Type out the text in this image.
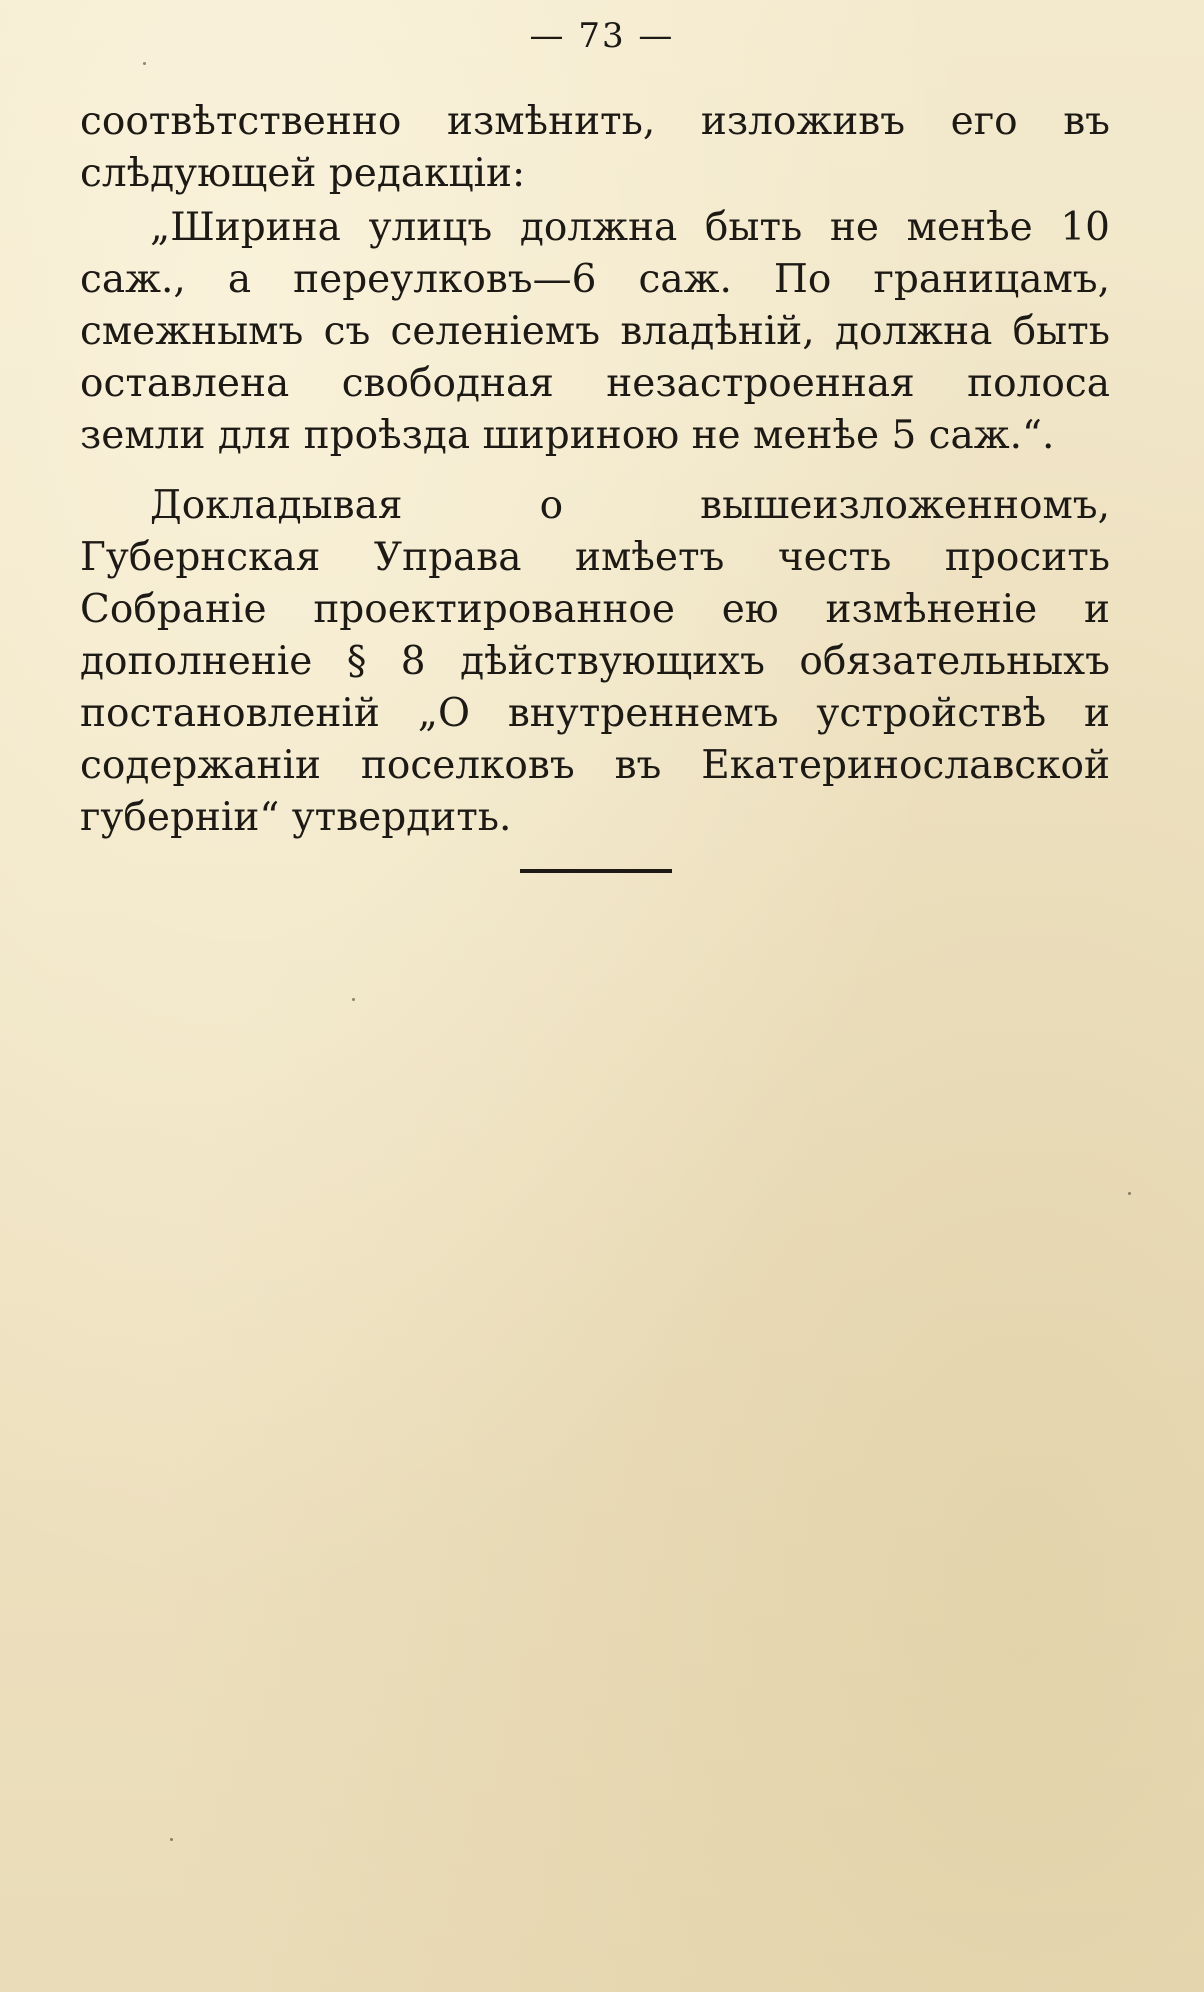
— 73 —

соотвѣтственно измѣнить, изложивъ его въ слѣдующей редакціи:

„Ширина улицъ должна быть не менѣе 10 саж., а переулковъ—6 саж. По границамъ, смежнымъ съ селеніемъ владѣній, должна быть оставлена свободная незастроенная полоса земли для проѣзда шириною не менѣе 5 саж.“.

Докладывая о вышеизложенномъ, Губернская Управа имѣетъ честь просить Собраніе проектированное ею измѣненіе и дополненіе § 8 дѣйствующихъ обязательныхъ постановленій „О внутреннемъ устройствѣ и содержаніи поселковъ въ Екатеринославской губерніи“ утвердить.
